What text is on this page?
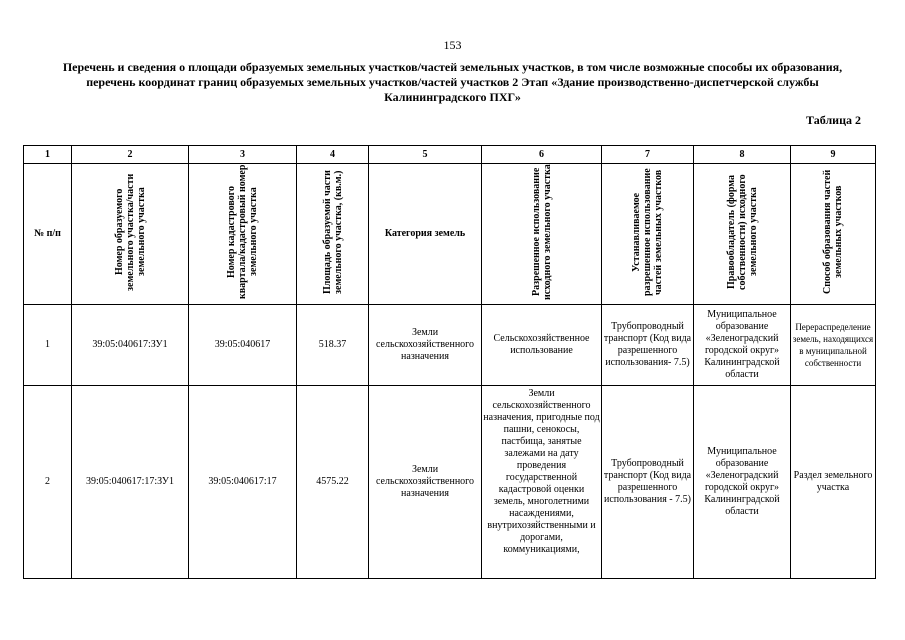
153
Перечень и сведения о площади образуемых земельных участков/частей земельных участков, в том числе возможные способы их образования, перечень координат границ образуемых земельных участков/частей участков 2 Этап «Здание производственно-диспетчерской службы Калининградского ПХГ»
Таблица 2
1	2	3	4	5	6	7	8	9
№ п/п	Номер образуемого земельного участка/части земельного участка	Номер кадастрового квартала/кадастровый номер земельного участка	Площадь образуемой части земельного участка, (кв.м.)	Категория земель	Разрешенное использование исходного земельного участка	Устанавливаемое разрешенное использование частей земельных участков	Правообладатель (форма собственности) исходного земельного участка	Способ образования частей земельных участков
1	39:05:040617:ЗУ1	39:05:040617	518.37	Земли сельскохозяйственного назначения	Сельскохозяйственное использование	Трубопроводный транспорт (Код вида разрешенного использования- 7.5)	Муниципальное образование «Зеленоградский городской округ» Калининградской области	Перераспределение земель, находящихся в муниципальной собственности
2	39:05:040617:17:ЗУ1	39:05:040617:17	4575.22	Земли сельскохозяйственного назначения	Земли сельскохозяйственного назначения, пригодные под пашни, сенокосы, пастбища, занятые залежами на дату проведения государственной кадастровой оценки земель, многолетними насаждениями, внутрихозяйственными и дорогами, коммуникациями,	Трубопроводный транспорт (Код вида разрешенного использования - 7.5)	Муниципальное образование «Зеленоградский городской округ» Калининградской области	Раздел земельного участка
